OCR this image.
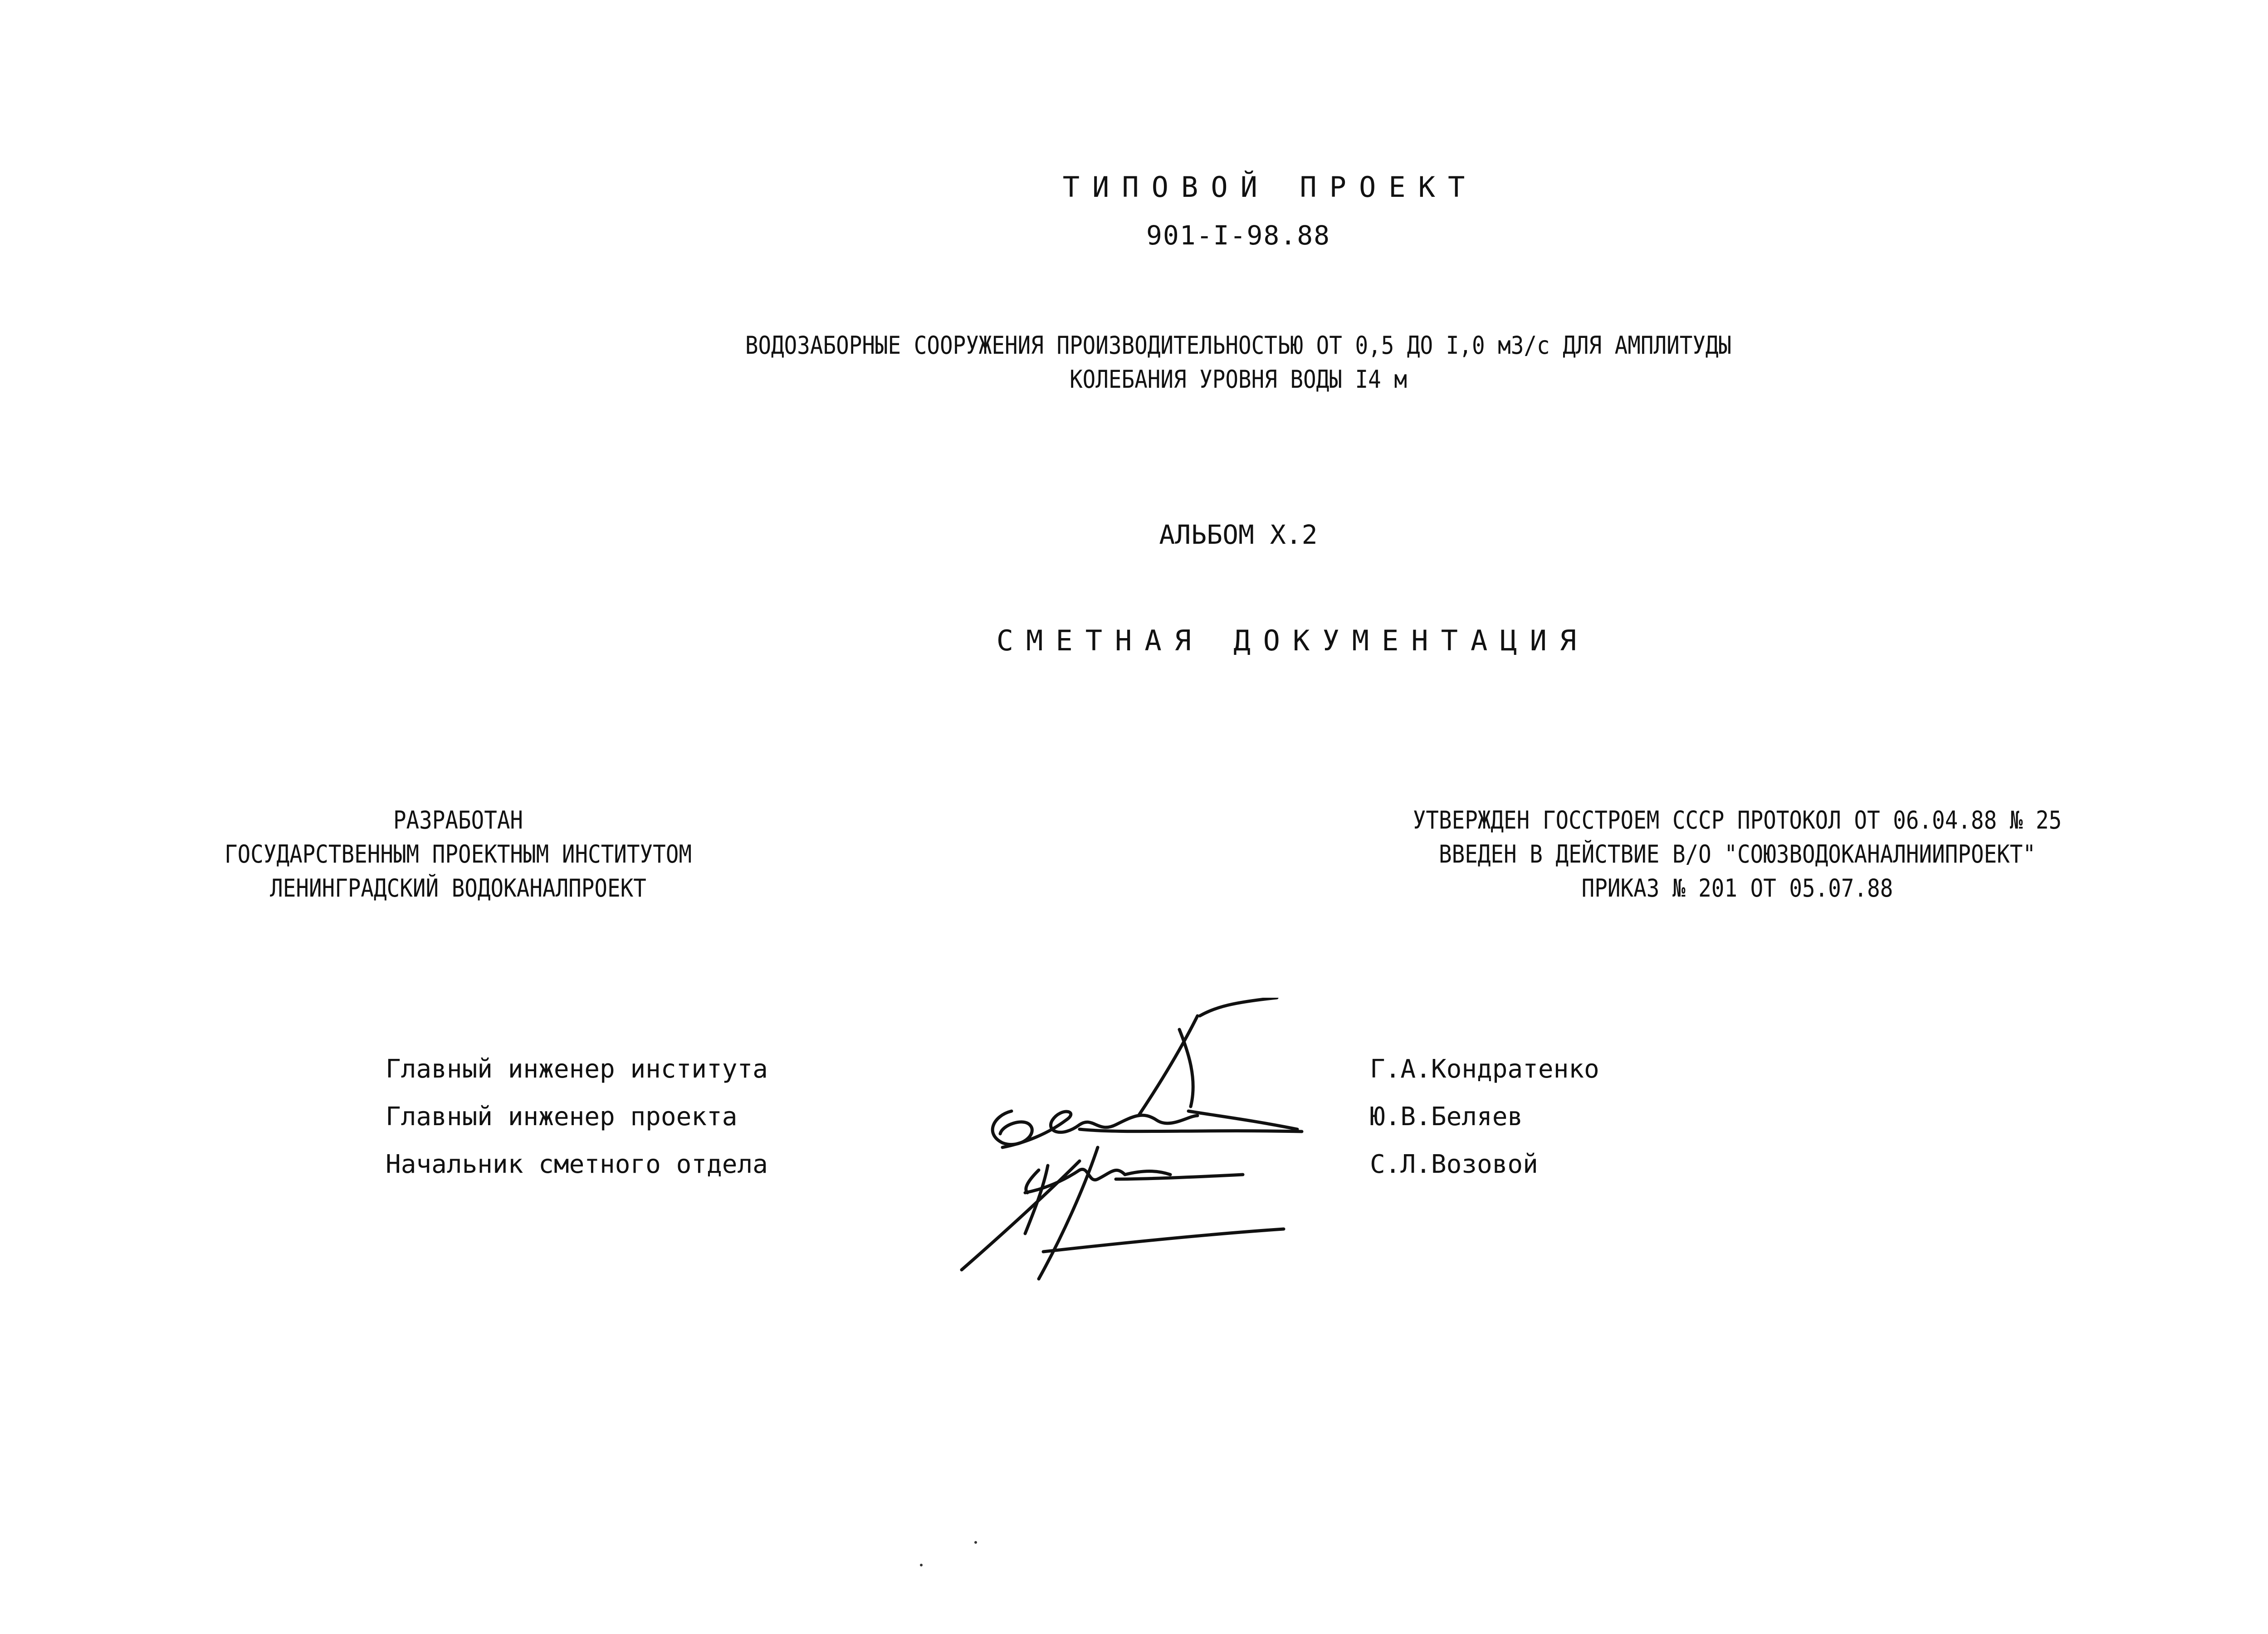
ТИПОВОЙ ПРОЕКТ
901-I-98.88
ВОДОЗАБОРНЫЕ СООРУЖЕНИЯ ПРОИЗВОДИТЕЛЬНОСТЬЮ ОТ 0,5 ДО I,0 м3/с ДЛЯ АМПЛИТУДЫ
КОЛЕБАНИЯ УРОВНЯ ВОДЫ I4 м
АЛЬБОМ X.2
СМЕТНАЯ ДОКУМЕНТАЦИЯ
РАЗРАБОТАН
ГОСУДАРСТВЕННЫМ ПРОЕКТНЫМ ИНСТИТУТОМ
ЛЕНИНГРАДСКИЙ ВОДОКАНАЛПРОЕКТ
УТВЕРЖДЕН ГОССТРОЕМ СССР ПРОТОКОЛ ОТ 06.04.88 № 25
ВВЕДЕН В ДЕЙСТВИЕ В/О "СОЮЗВОДОКАНАЛНИИПРОЕКТ"
ПРИКАЗ № 201 ОТ 05.07.88
Главный инженер института
Главный инженер проекта
Начальник сметного отдела
Г.А.Кондратенко
Ю.В.Беляев
С.Л.Возовой
